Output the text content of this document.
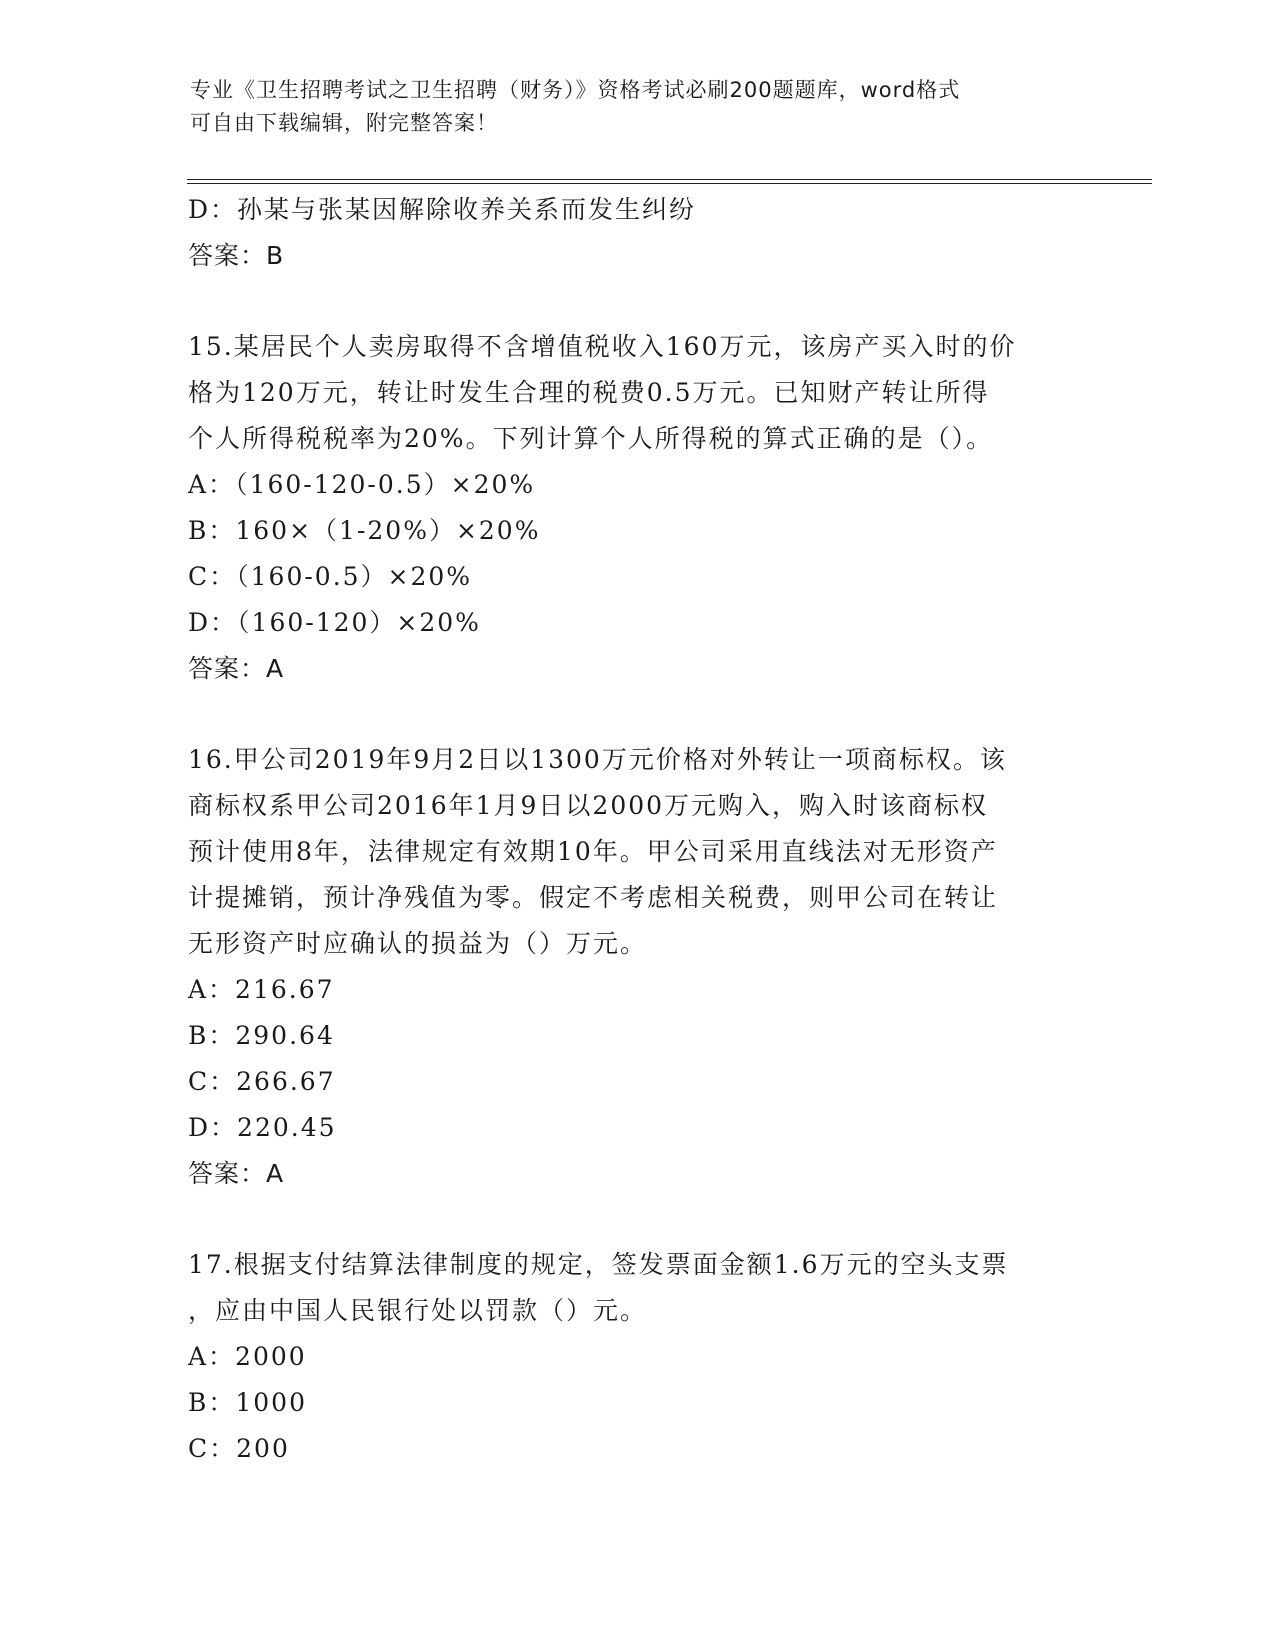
专业《卫生招聘考试之卫生招聘（财务）》资格考试必刷200题题库，word格式
可自由下载编辑，附完整答案！
D：孙某与张某因解除收养关系而发生纠纷
答案：B
15.某居民个人卖房取得不含增值税收入160万元，该房产买入时的价
格为120万元，转让时发生合理的税费0.5万元。已知财产转让所得
个人所得税税率为20%。下列计算个人所得税的算式正确的是（）。
A：（160-120-0.5）×20%
B：160×（1-20%）×20%
C：（160-0.5）×20%
D：（160-120）×20%
答案：A
16.甲公司2019年9月2日以1300万元价格对外转让一项商标权。该
商标权系甲公司2016年1月9日以2000万元购入，购入时该商标权
预计使用8年，法律规定有效期10年。甲公司采用直线法对无形资产
计提摊销，预计净残值为零。假定不考虑相关税费，则甲公司在转让
无形资产时应确认的损益为（）万元。
A：216.67
B：290.64
C：266.67
D：220.45
答案：A
17.根据支付结算法律制度的规定，签发票面金额1.6万元的空头支票
，应由中国人民银行处以罚款（）元。
A：2000
B：1000
C：200
